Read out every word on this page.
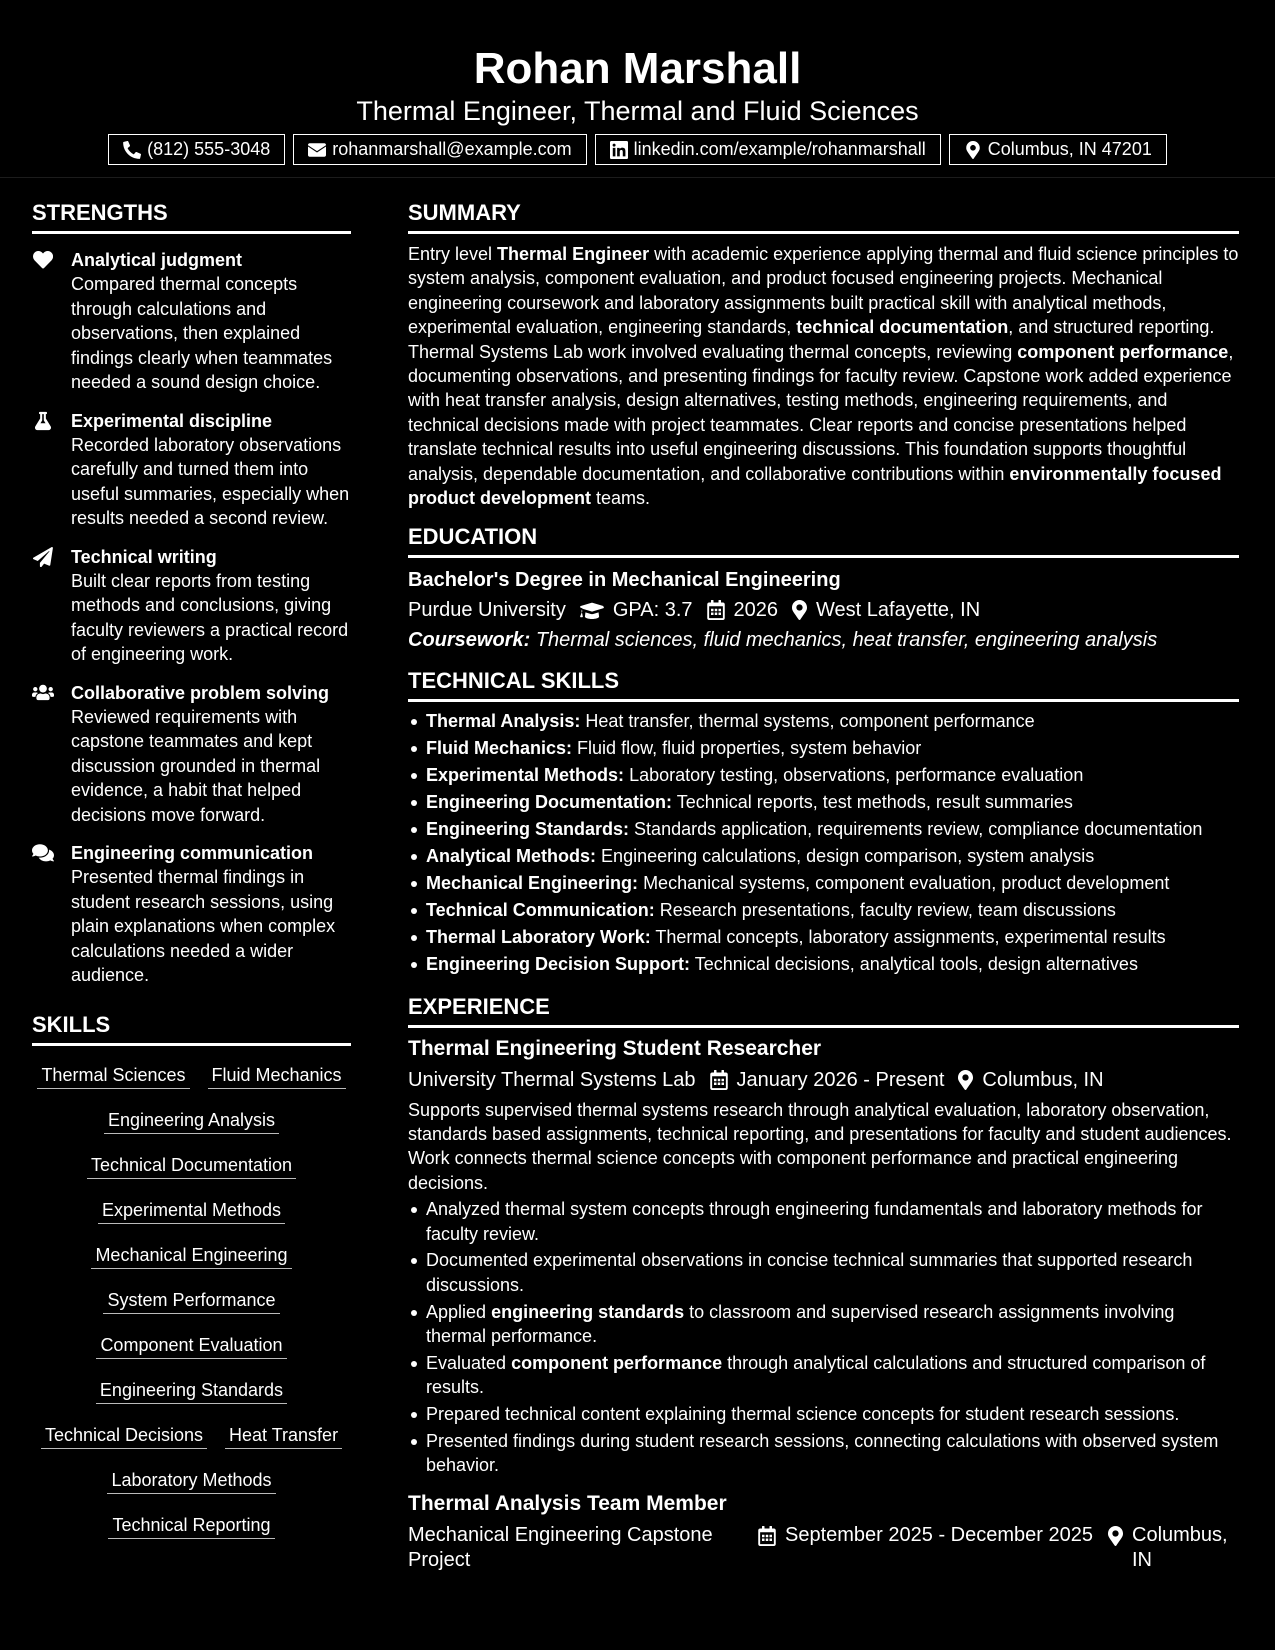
Rohan Marshall
Thermal Engineer, Thermal and Fluid Sciences
(812) 555-3048	rohanmarshall@example.com	linkedin.com/example/rohanmarshall	Columbus, IN 47201
STRENGTHS
Analytical judgment
Compared thermal concepts through calculations and observations, then explained findings clearly when teammates needed a sound design choice.
Experimental discipline
Recorded laboratory observations carefully and turned them into useful summaries, especially when results needed a second review.
Technical writing
Built clear reports from testing methods and conclusions, giving faculty reviewers a practical record of engineering work.
Collaborative problem solving
Reviewed requirements with capstone teammates and kept discussion grounded in thermal evidence, a habit that helped decisions move forward.
Engineering communication
Presented thermal findings in student research sessions, using plain explanations when complex calculations needed a wider audience.
SKILLS
Thermal Sciences Fluid Mechanics
Engineering Analysis
Technical Documentation
Experimental Methods
Mechanical Engineering
System Performance
Component Evaluation
Engineering Standards
Technical Decisions Heat Transfer
Laboratory Methods
Technical Reporting
SUMMARY

Entry level Thermal Engineer with academic experience applying thermal and fluid science principles to system analysis, component evaluation, and product focused engineering projects. Mechanical engineering coursework and laboratory assignments built practical skill with analytical methods, experimental evaluation, engineering standards, technical documentation, and structured reporting. Thermal Systems Lab work involved evaluating thermal concepts, reviewing component performance, documenting observations, and presenting findings for faculty review. Capstone work added experience with heat transfer analysis, design alternatives, testing methods, engineering requirements, and technical decisions made with project teammates. Clear reports and concise presentations helped translate technical results into useful engineering discussions. This foundation supports thoughtful analysis, dependable documentation, and collaborative contributions within environmentally focused product development teams.

EDUCATION
Bachelor's Degree in Mechanical Engineering
Purdue University GPA: 3.7 2026 West Lafayette, IN
Coursework: Thermal sciences, fluid mechanics, heat transfer, engineering analysis
TECHNICAL SKILLS
Thermal Analysis: Heat transfer, thermal systems, component performance
Fluid Mechanics: Fluid flow, fluid properties, system behavior
Experimental Methods: Laboratory testing, observations, performance evaluation
Engineering Documentation: Technical reports, test methods, result summaries
Engineering Standards: Standards application, requirements review, compliance documentation
Analytical Methods: Engineering calculations, design comparison, system analysis
Mechanical Engineering: Mechanical systems, component evaluation, product development
Technical Communication: Research presentations, faculty review, team discussions
Thermal Laboratory Work: Thermal concepts, laboratory assignments, experimental results
Engineering Decision Support: Technical decisions, analytical tools, design alternatives
EXPERIENCE
Thermal Engineering Student Researcher
University Thermal Systems Lab January 2026 - Present Columbus, IN

Supports supervised thermal systems research through analytical evaluation, laboratory observation, standards based assignments, technical reporting, and presentations for faculty and student audiences. Work connects thermal science concepts with component performance and practical engineering decisions.

Analyzed thermal system concepts through engineering fundamentals and laboratory methods for faculty review.
Documented experimental observations in concise technical summaries that supported research discussions.
Applied engineering standards to classroom and supervised research assignments involving thermal performance.
Evaluated component performance through analytical calculations and structured comparison of results.
Prepared technical content explaining thermal science concepts for student research sessions.
Presented findings during student research sessions, connecting calculations with observed system behavior.
Thermal Analysis Team Member
Mechanical Engineering Capstone Project
September 2025 - December 2025 Columbus, IN
